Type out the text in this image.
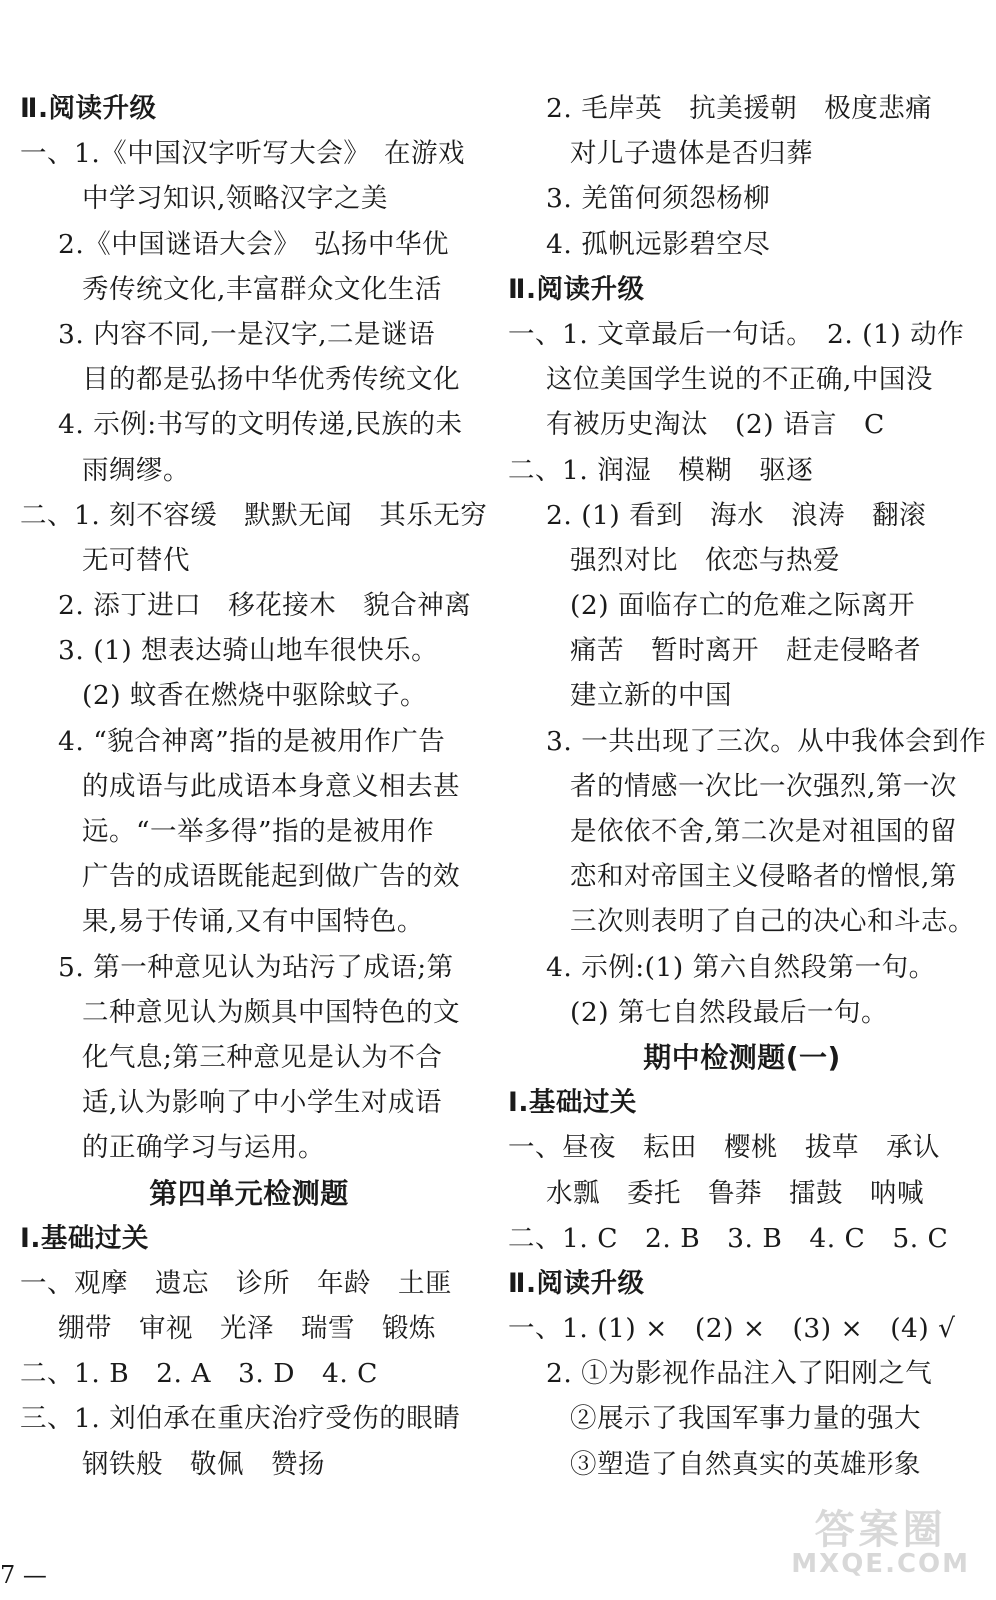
Ⅱ.阅读升级
一、1.《中国汉字听写大会》　在游戏
中学习知识,领略汉字之美
2.《中国谜语大会》　弘扬中华优
秀传统文化,丰富群众文化生活
3. 内容不同,一是汉字,二是谜语
目的都是弘扬中华优秀传统文化
4. 示例:书写的文明传递,民族的未
雨绸缪。
二、1. 刻不容缓　默默无闻　其乐无穷
无可替代
2. 添丁进口　移花接木　貌合神离
3. (1) 想表达骑山地车很快乐。
(2) 蚊香在燃烧中驱除蚊子。
4. “貌合神离”指的是被用作广告
的成语与此成语本身意义相去甚
远。“一举多得”指的是被用作
广告的成语既能起到做广告的效
果,易于传诵,又有中国特色。
5. 第一种意见认为玷污了成语;第
二种意见认为颇具中国特色的文
化气息;第三种意见是认为不合
适,认为影响了中小学生对成语
的正确学习与运用。
第四单元检测题
Ⅰ.基础过关
一、观摩　遗忘　诊所　年龄　土匪
绷带　审视　光泽　瑞雪　锻炼
二、1. B　2. A　3. D　4. C
三、1. 刘伯承在重庆治疗受伤的眼睛
钢铁般　敬佩　赞扬
2. 毛岸英　抗美援朝　极度悲痛
对儿子遗体是否归葬
3. 羌笛何须怨杨柳
4. 孤帆远影碧空尽
Ⅱ.阅读升级
一、1. 文章最后一句话。　2. (1) 动作
这位美国学生说的不正确,中国没
有被历史淘汰　(2) 语言　C
二、1. 润湿　模糊　驱逐
2. (1) 看到　海水　浪涛　翻滚
强烈对比　依恋与热爱
(2) 面临存亡的危难之际离开
痛苦　暂时离开　赶走侵略者
建立新的中国
3. 一共出现了三次。从中我体会到作
者的情感一次比一次强烈,第一次
是依依不舍,第二次是对祖国的留
恋和对帝国主义侵略者的憎恨,第
三次则表明了自己的决心和斗志。
4. 示例:(1) 第六自然段第一句。
(2) 第七自然段最后一句。
期中检测题(一)
Ⅰ.基础过关
一、昼夜　耘田　樱桃　拔草　承认
水瓢　委托　鲁莽　擂鼓　呐喊
二、1. C　2. B　3. B　4. C　5. C
Ⅱ.阅读升级
一、1. (1) ×　(2) ×　(3) ×　(4) √
2. ①为影视作品注入了阳刚之气
②展示了我国军事力量的强大
③塑造了自然真实的英雄形象
7 —
答案圈
MXQE.COM
